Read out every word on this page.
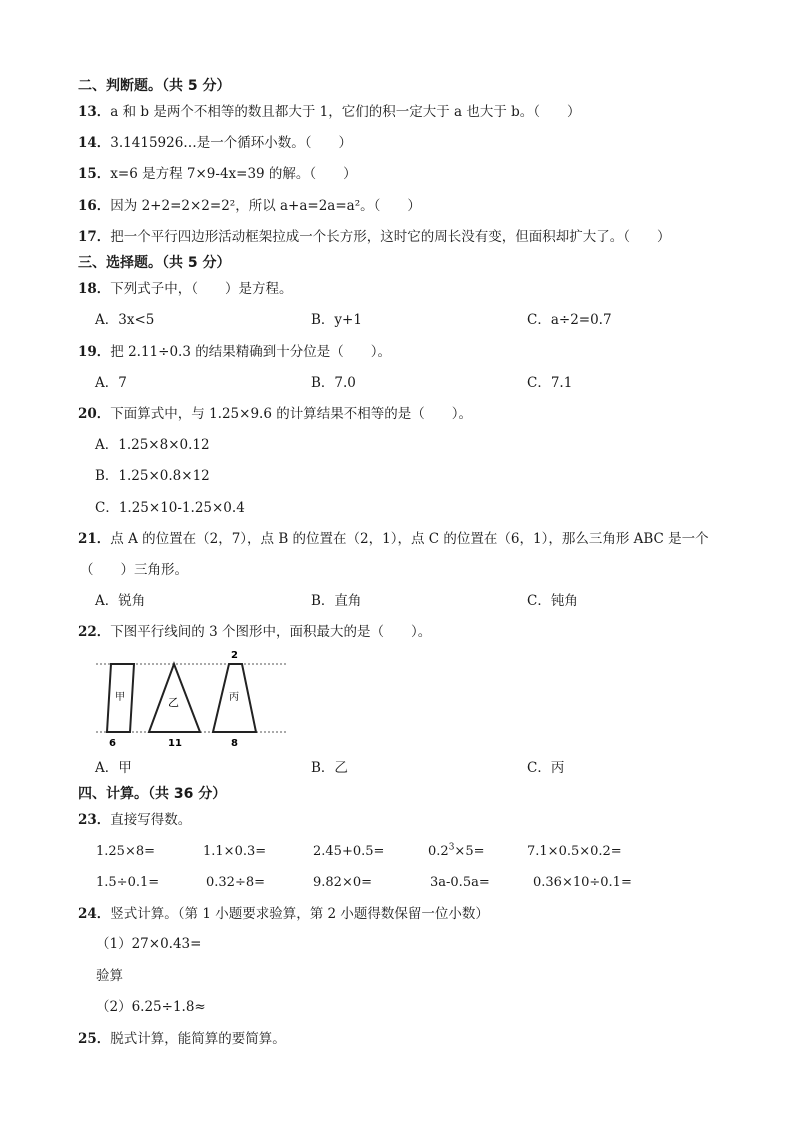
二、判断题。（共 5 分）
13．a 和 b 是两个不相等的数且都大于 1，它们的积一定大于 a 也大于 b。（　　）
14．3.1415926…是一个循环小数。（　　）
15．x=6 是方程 7×9-4x=39 的解。（　　）
16．因为 2+2=2×2=2²，所以 a+a=2a=a²。（　　）
17．把一个平行四边形活动框架拉成一个长方形，这时它的周长没有变，但面积却扩大了。（　　）
三、选择题。（共 5 分）
18．下列式子中，（　　）是方程。
A．3x<5	B．y+1	C．a÷2=0.7
19．把 2.11÷0.3 的结果精确到十分位是（　　）。
A．7	B．7.0	C．7.1
20．下面算式中，与 1.25×9.6 的计算结果不相等的是（　　）。
A．1.25×8×0.12
B．1.25×0.8×12
C．1.25×10-1.25×0.4
21．点 A 的位置在（2，7），点 B 的位置在（2，1），点 C 的位置在（6，1），那么三角形 ABC 是一个
（　　）三角形。
A．锐角	B．直角	C．钝角
22．下图平行线间的 3 个图形中，面积最大的是（　　）。
甲	乙	丙
2
6	11	8
A．甲	B．乙	C．丙
四、计算。（共 36 分）
23．直接写得数。
1.25×8=	1.1×0.3=	2.45+0.5=	$0.2^3\times 5=$	7.1×0.5×0.2=
1.5÷0.1=	0.32÷8=	9.82×0=	3a-0.5a=	0.36×10÷0.1=
24．竖式计算。（第 1 小题要求验算，第 2 小题得数保留一位小数）
（1）27×0.43=
验算
（2）6.25÷1.8≈
25．脱式计算，能简算的要简算。
